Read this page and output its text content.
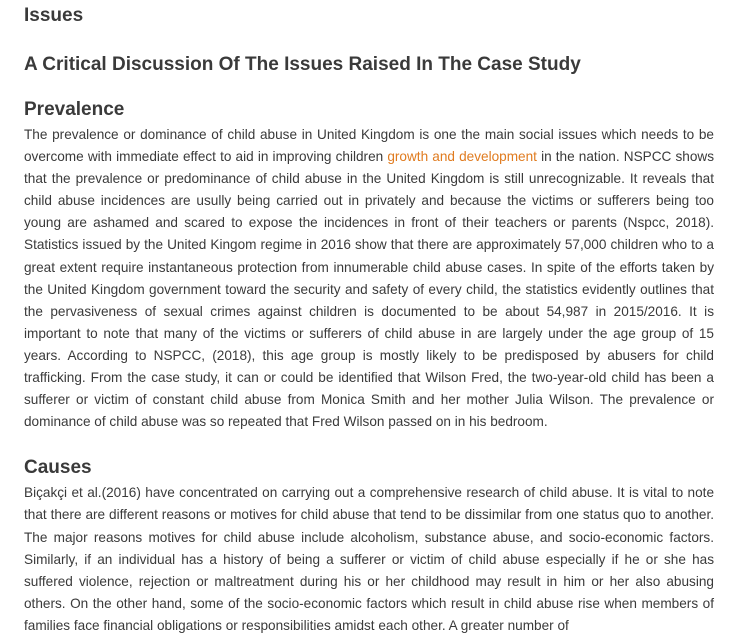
Issues
A Critical Discussion Of The Issues Raised In The Case Study
Prevalence

The prevalence or dominance of child abuse in United Kingdom is one the main social issues which needs to be overcome with immediate effect to aid in improving children growth and development in the nation. NSPCC shows that the prevalence or predominance of child abuse in the United Kingdom is still unrecognizable. It reveals that child abuse incidences are usully being carried out in privately and because the victims or sufferers being too young are ashamed and scared to expose the incidences in front of their teachers or parents (Nspcc, 2018). Statistics issued by the United Kingom regime in 2016 show that there are approximately 57,000 children who to a great extent require instantaneous protection from innumerable child abuse cases. In spite of the efforts taken by the United Kingdom government toward the security and safety of every child, the statistics evidently outlines that the pervasiveness of sexual crimes against children is documented to be about 54,987 in 2015/2016. It is important to note that many of the victims or sufferers of child abuse in are largely under the age group of 15 years. According to NSPCC, (2018), this age group is mostly likely to be predisposed by abusers for child trafficking. From the case study, it can or could be identified that Wilson Fred, the two-year-old child has been a sufferer or victim of constant child abuse from Monica Smith and her mother Julia Wilson. The prevalence or dominance of child abuse was so repeated that Fred Wilson passed on in his bedroom.

Causes

Biçakçi et al.(2016) have concentrated on carrying out a comprehensive research of child abuse. It is vital to note that there are different reasons or motives for child abuse that tend to be dissimilar from one status quo to another. The major reasons motives for child abuse include alcoholism, substance abuse, and socio-economic factors. Similarly, if an individual has a history of being a sufferer or victim of child abuse especially if he or she has suffered violence, rejection or maltreatment during his or her childhood may result in him or her also abusing others. On the other hand, some of the socio-economic factors which result in child abuse rise when members of families face financial obligations or responsibilities amidst each other. A greater number of
